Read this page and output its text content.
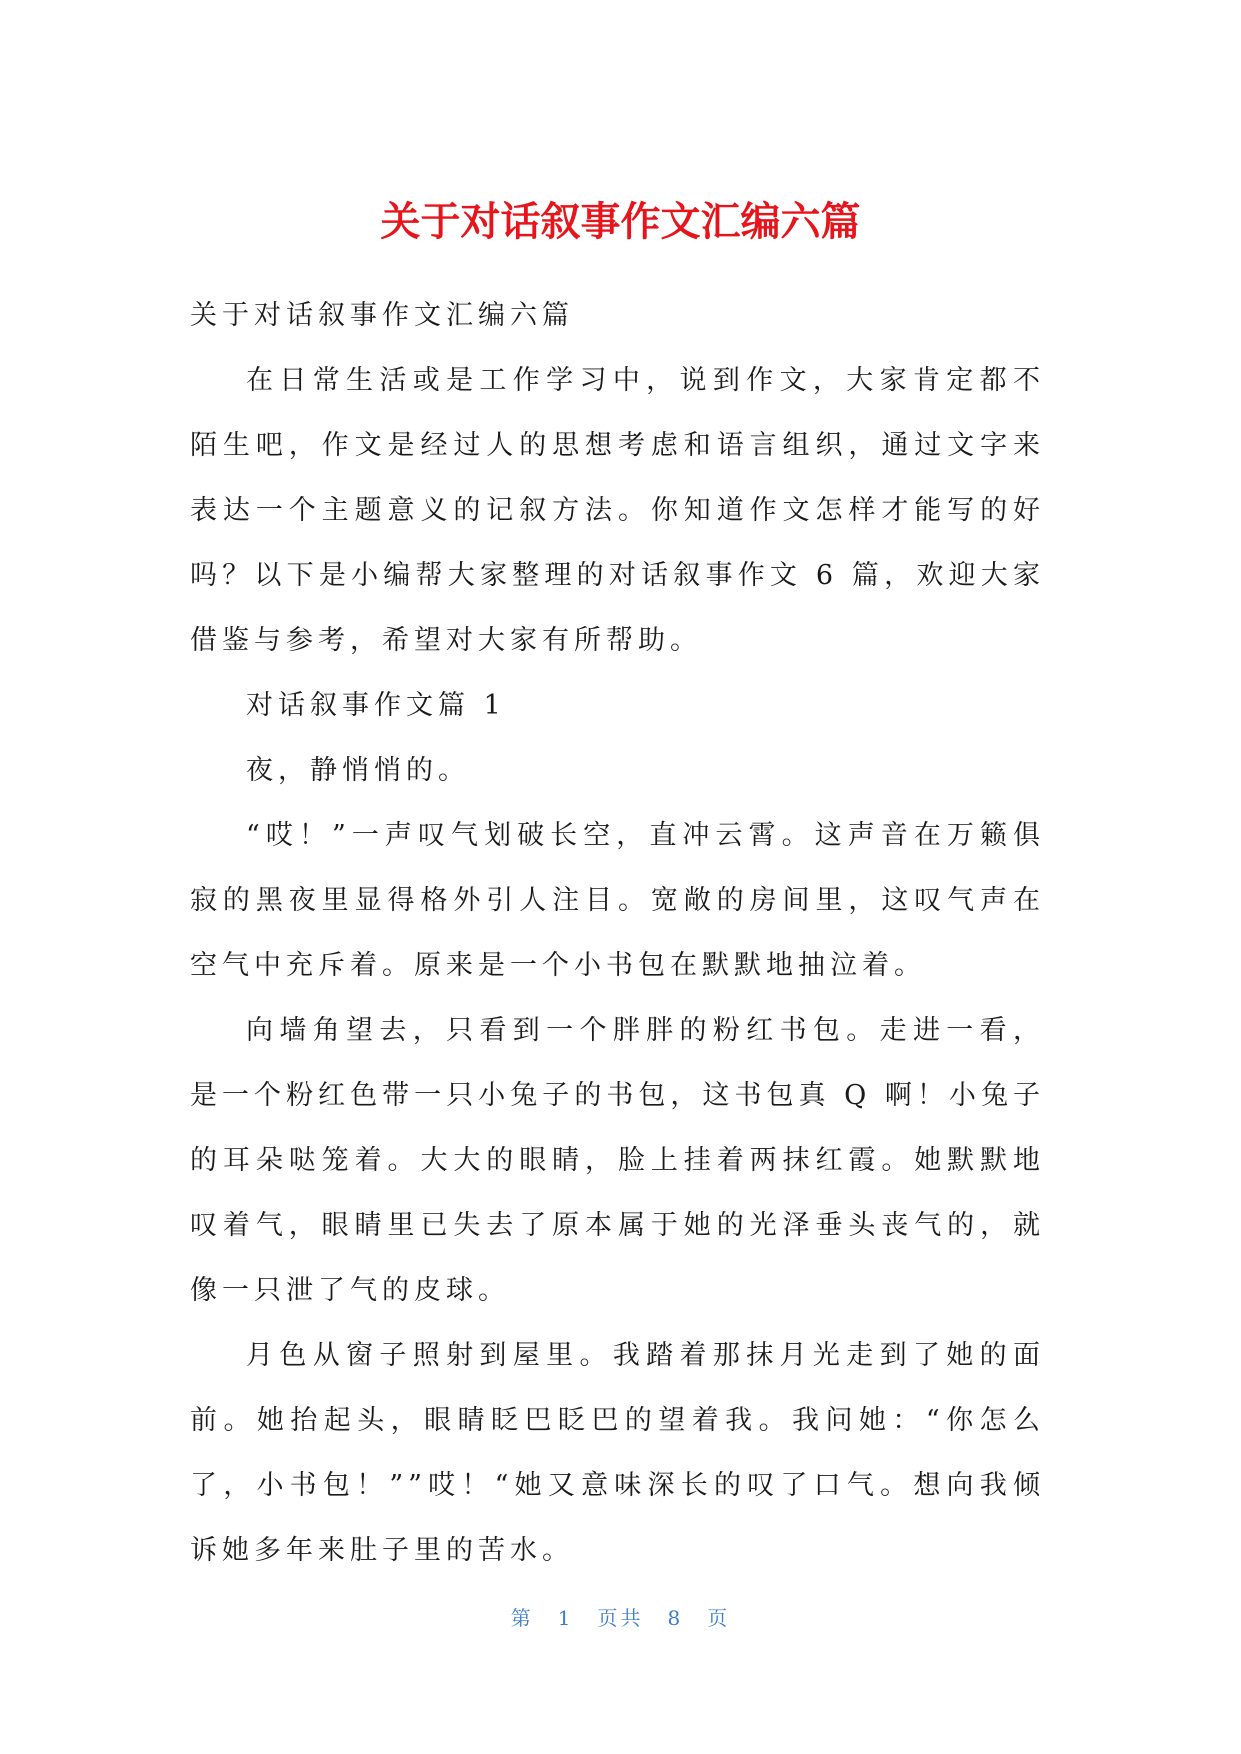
关于对话叙事作文汇编六篇

关于对话叙事作文汇编六篇

在日常生活或是工作学习中，说到作文，大家肯定都不陌生吧，作文是经过人的思想考虑和语言组织，通过文字来表达一个主题意义的记叙方法。你知道作文怎样才能写的好吗？以下是小编帮大家整理的对话叙事作文 6 篇，欢迎大家借鉴与参考，希望对大家有所帮助。

对话叙事作文篇 1

夜，静悄悄的。

“哎！”一声叹气划破长空，直冲云霄。这声音在万籁俱寂的黑夜里显得格外引人注目。宽敞的房间里，这叹气声在空气中充斥着。原来是一个小书包在默默地抽泣着。

向墙角望去，只看到一个胖胖的粉红书包。走进一看，是一个粉红色带一只小兔子的书包，这书包真 Q 啊！小兔子的耳朵哒笼着。大大的眼睛，脸上挂着两抹红霞。她默默地叹着气，眼睛里已失去了原本属于她的光泽垂头丧气的，就像一只泄了气的皮球。

月色从窗子照射到屋里。我踏着那抹月光走到了她的面前。她抬起头，眼睛眨巴眨巴的望着我。我问她：“你怎么了，小书包！””哎！“她又意味深长的叹了口气。想向我倾诉她多年来肚子里的苦水。

第 1 页共 8 页
